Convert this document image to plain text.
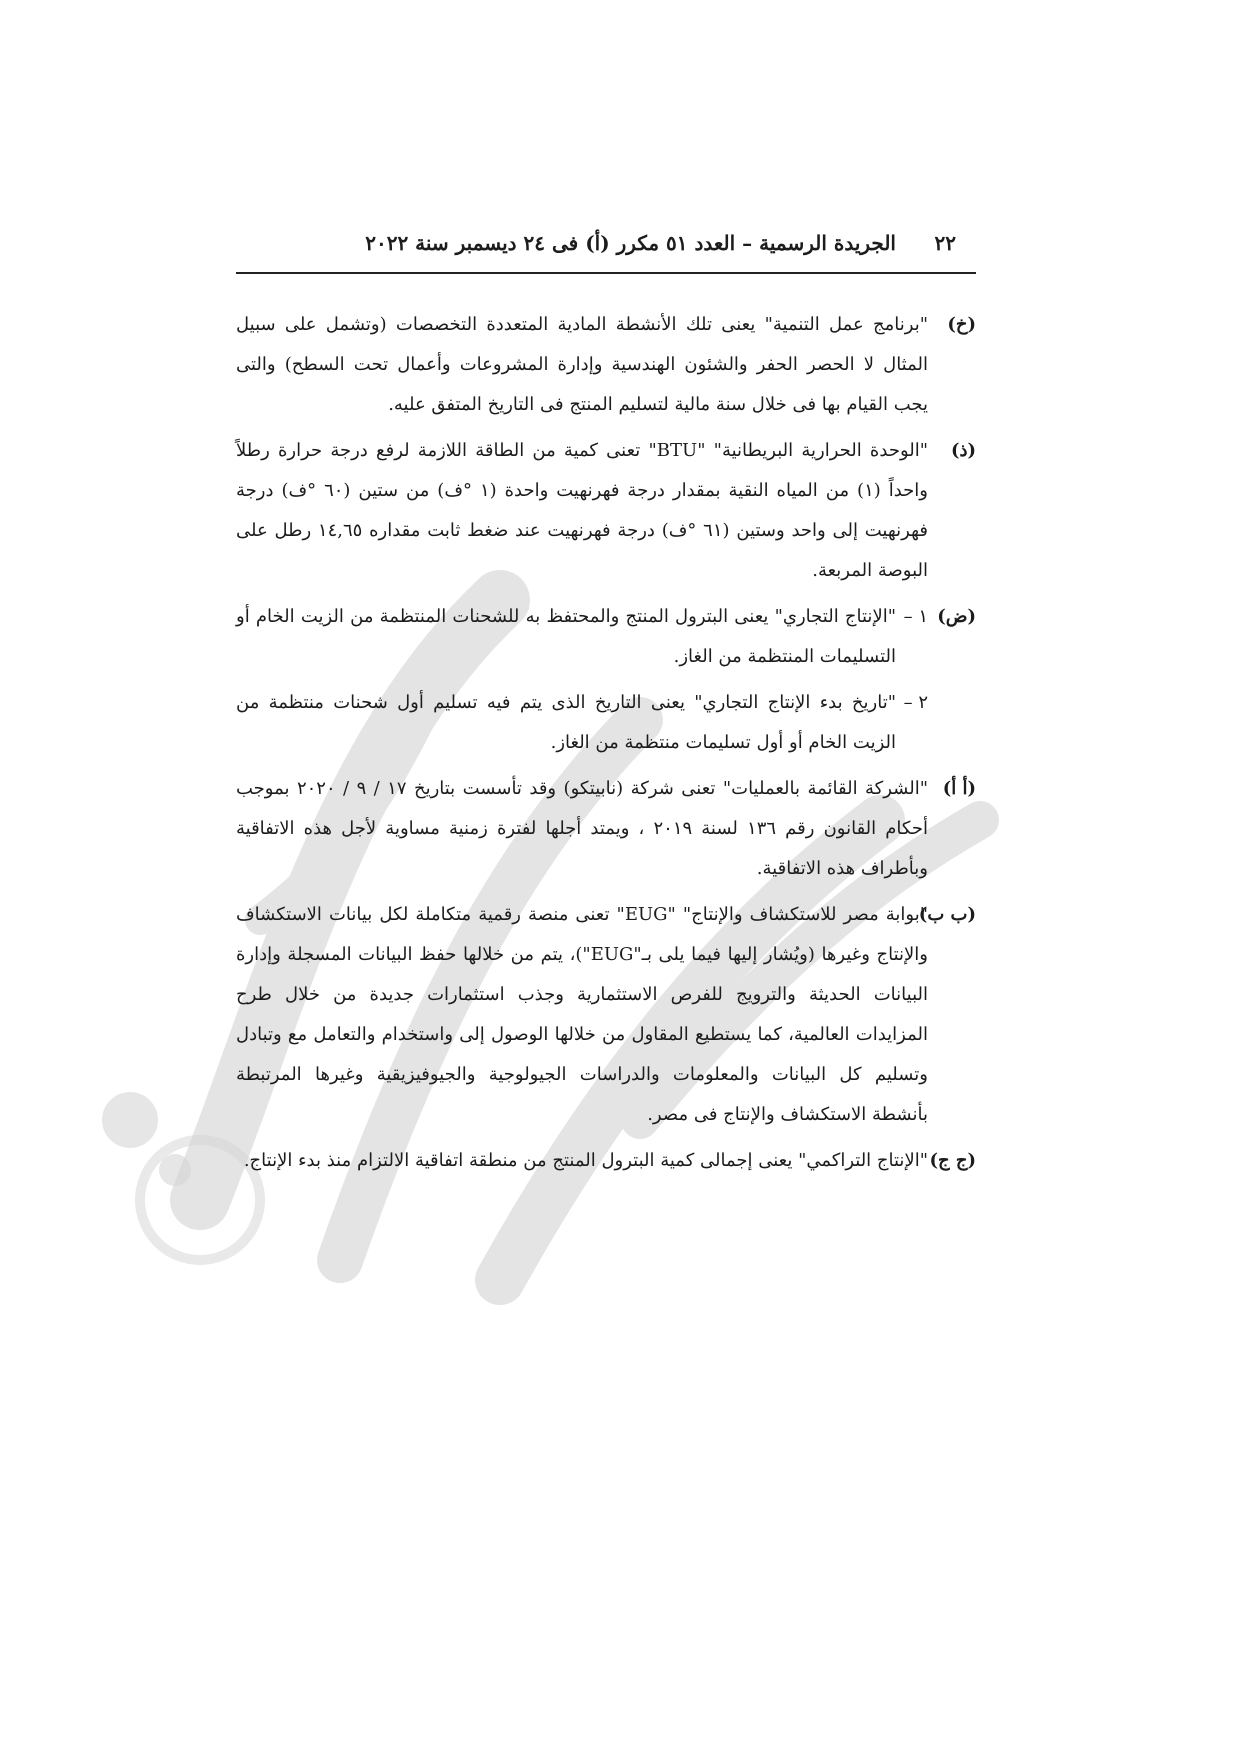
٢٢
الجريدة الرسمية – العدد ٥١ مكرر (أ) فى ٢٤ ديسمبر سنة ٢٠٢٢
(خ)
"برنامج عمل التنمية" يعنى تلك الأنشطة المادية المتعددة التخصصات (وتشمل على سبيل المثال لا الحصر الحفر والشئون الهندسية وإدارة المشروعات وأعمال تحت السطح) والتى يجب القيام بها فى خلال سنة مالية لتسليم المنتج فى التاريخ المتفق عليه.
(ذ)
"الوحدة الحرارية البريطانية" "BTU" تعنى كمية من الطاقة اللازمة لرفع درجة حرارة رطلاً واحداً (١) من المياه النقية بمقدار درجة فهرنهيت واحدة (١ °ف) من ستين (٦٠ °ف) درجة فهرنهيت إلى واحد وستين (٦١ °ف) درجة فهرنهيت عند ضغط ثابت مقداره ١٤,٦٥ رطل على البوصة المربعة.
(ض)
١ –
"الإنتاج التجاري" يعنى البترول المنتج والمحتفظ به للشحنات المنتظمة من الزيت الخام أو التسليمات المنتظمة من الغاز.
٢ –
"تاريخ بدء الإنتاج التجاري" يعنى التاريخ الذى يتم فيه تسليم أول شحنات منتظمة من الزيت الخام أو أول تسليمات منتظمة من الغاز.
(أ أ)
"الشركة القائمة بالعمليات" تعنى شركة (نابيتكو) وقد تأسست بتاريخ ١٧ / ٩ / ٢٠٢٠ بموجب أحكام القانون رقم ١٣٦ لسنة ٢٠١٩ ، ويمتد أجلها لفترة زمنية مساوية لأجل هذه الاتفاقية وبأطراف هذه الاتفاقية.
(ب ب)
"بوابة مصر للاستكشاف والإنتاج" "EUG" تعنى منصة رقمية متكاملة لكل بيانات الاستكشاف والإنتاج وغيرها (ويُشار إليها فيما يلى بـ"EUG")، يتم من خلالها حفظ البيانات المسجلة وإدارة البيانات الحديثة والترويج للفرص الاستثمارية وجذب استثمارات جديدة من خلال طرح المزايدات العالمية، كما يستطيع المقاول من خلالها الوصول إلى واستخدام والتعامل مع وتبادل وتسليم كل البيانات والمعلومات والدراسات الجيولوجية والجيوفيزيقية وغيرها المرتبطة بأنشطة الاستكشاف والإنتاج فى مصر.
(ج ج)
"الإنتاج التراكمي" يعنى إجمالى كمية البترول المنتج من منطقة اتفاقية الالتزام منذ بدء الإنتاج.
